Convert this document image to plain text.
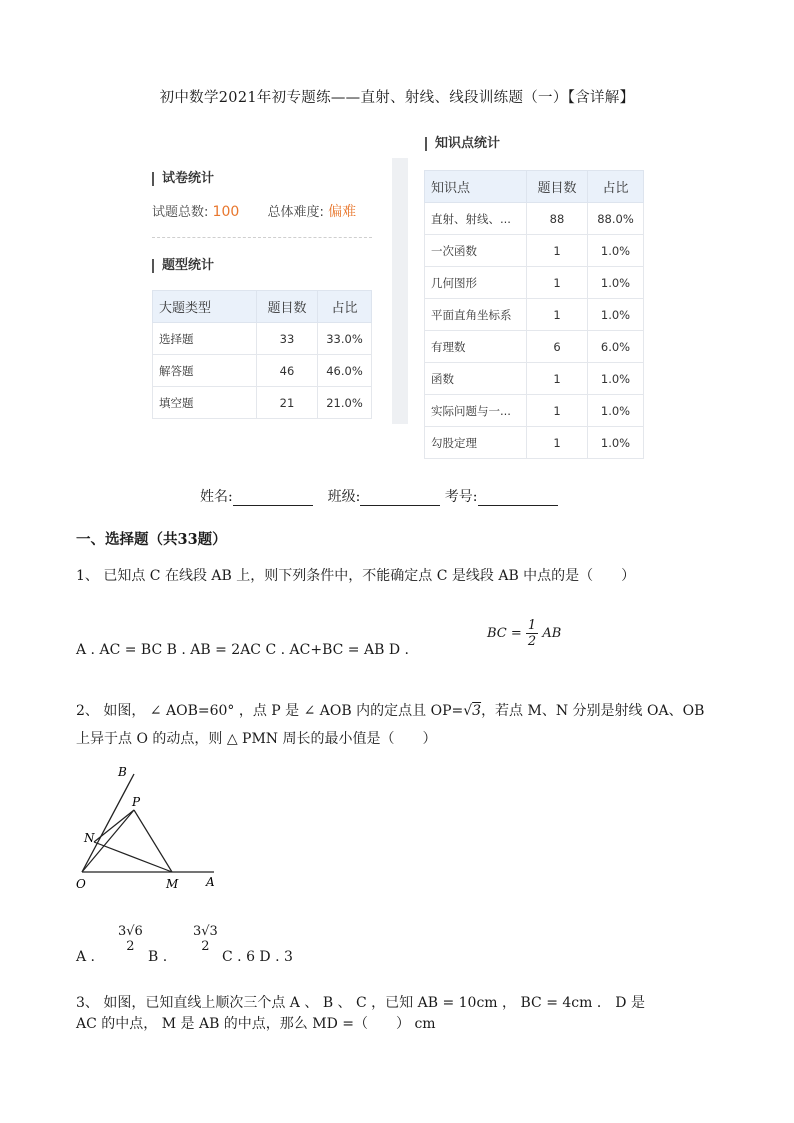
初中数学2021年初专题练——直射、射线、线段训练题（一）【含详解】
试卷统计
试题总数: 100 总体难度: 偏难
题型统计
大题类型	题目数	占比
选择题	33	33.0%
解答题	46	46.0%
填空题	21	21.0%
知识点统计
知识点	题目数	占比
直射、射线、...	88	88.0%
一次函数	1	1.0%
几何图形	1	1.0%
平面直角坐标系	1	1.0%
有理数	6	6.0%
函数	1	1.0%
实际问题与一...	1	1.0%
勾股定理	1	1.0%
姓名:	班级:	考号:
一、选择题（共33题）
1、 已知点 C 在线段 AB 上，则下列条件中，不能确定点 C 是线段 AB 中点的是（　　）
A . AC = BC B . AB = 2AC C . AC+BC = AB D .
BC = $\frac{1}{2}$ AB
2、 如图， ∠ AOB=60° ，点 P 是 ∠ AOB 内的定点且 OP=√3，若点 M、N 分别是射线 OA、OB
上异于点 O 的动点，则 △ PMN 周长的最小值是（　　）
B
P
N
O	M A
A .
3√6
2
B .
3√3
2
C . 6 D . 3
3、 如图，已知直线上顺次三个点 A 、 B 、 C ，已知 AB = 10cm ， BC = 4cm ． D 是
AC 的中点， M 是 AB 的中点，那么 MD =（　　） cm
